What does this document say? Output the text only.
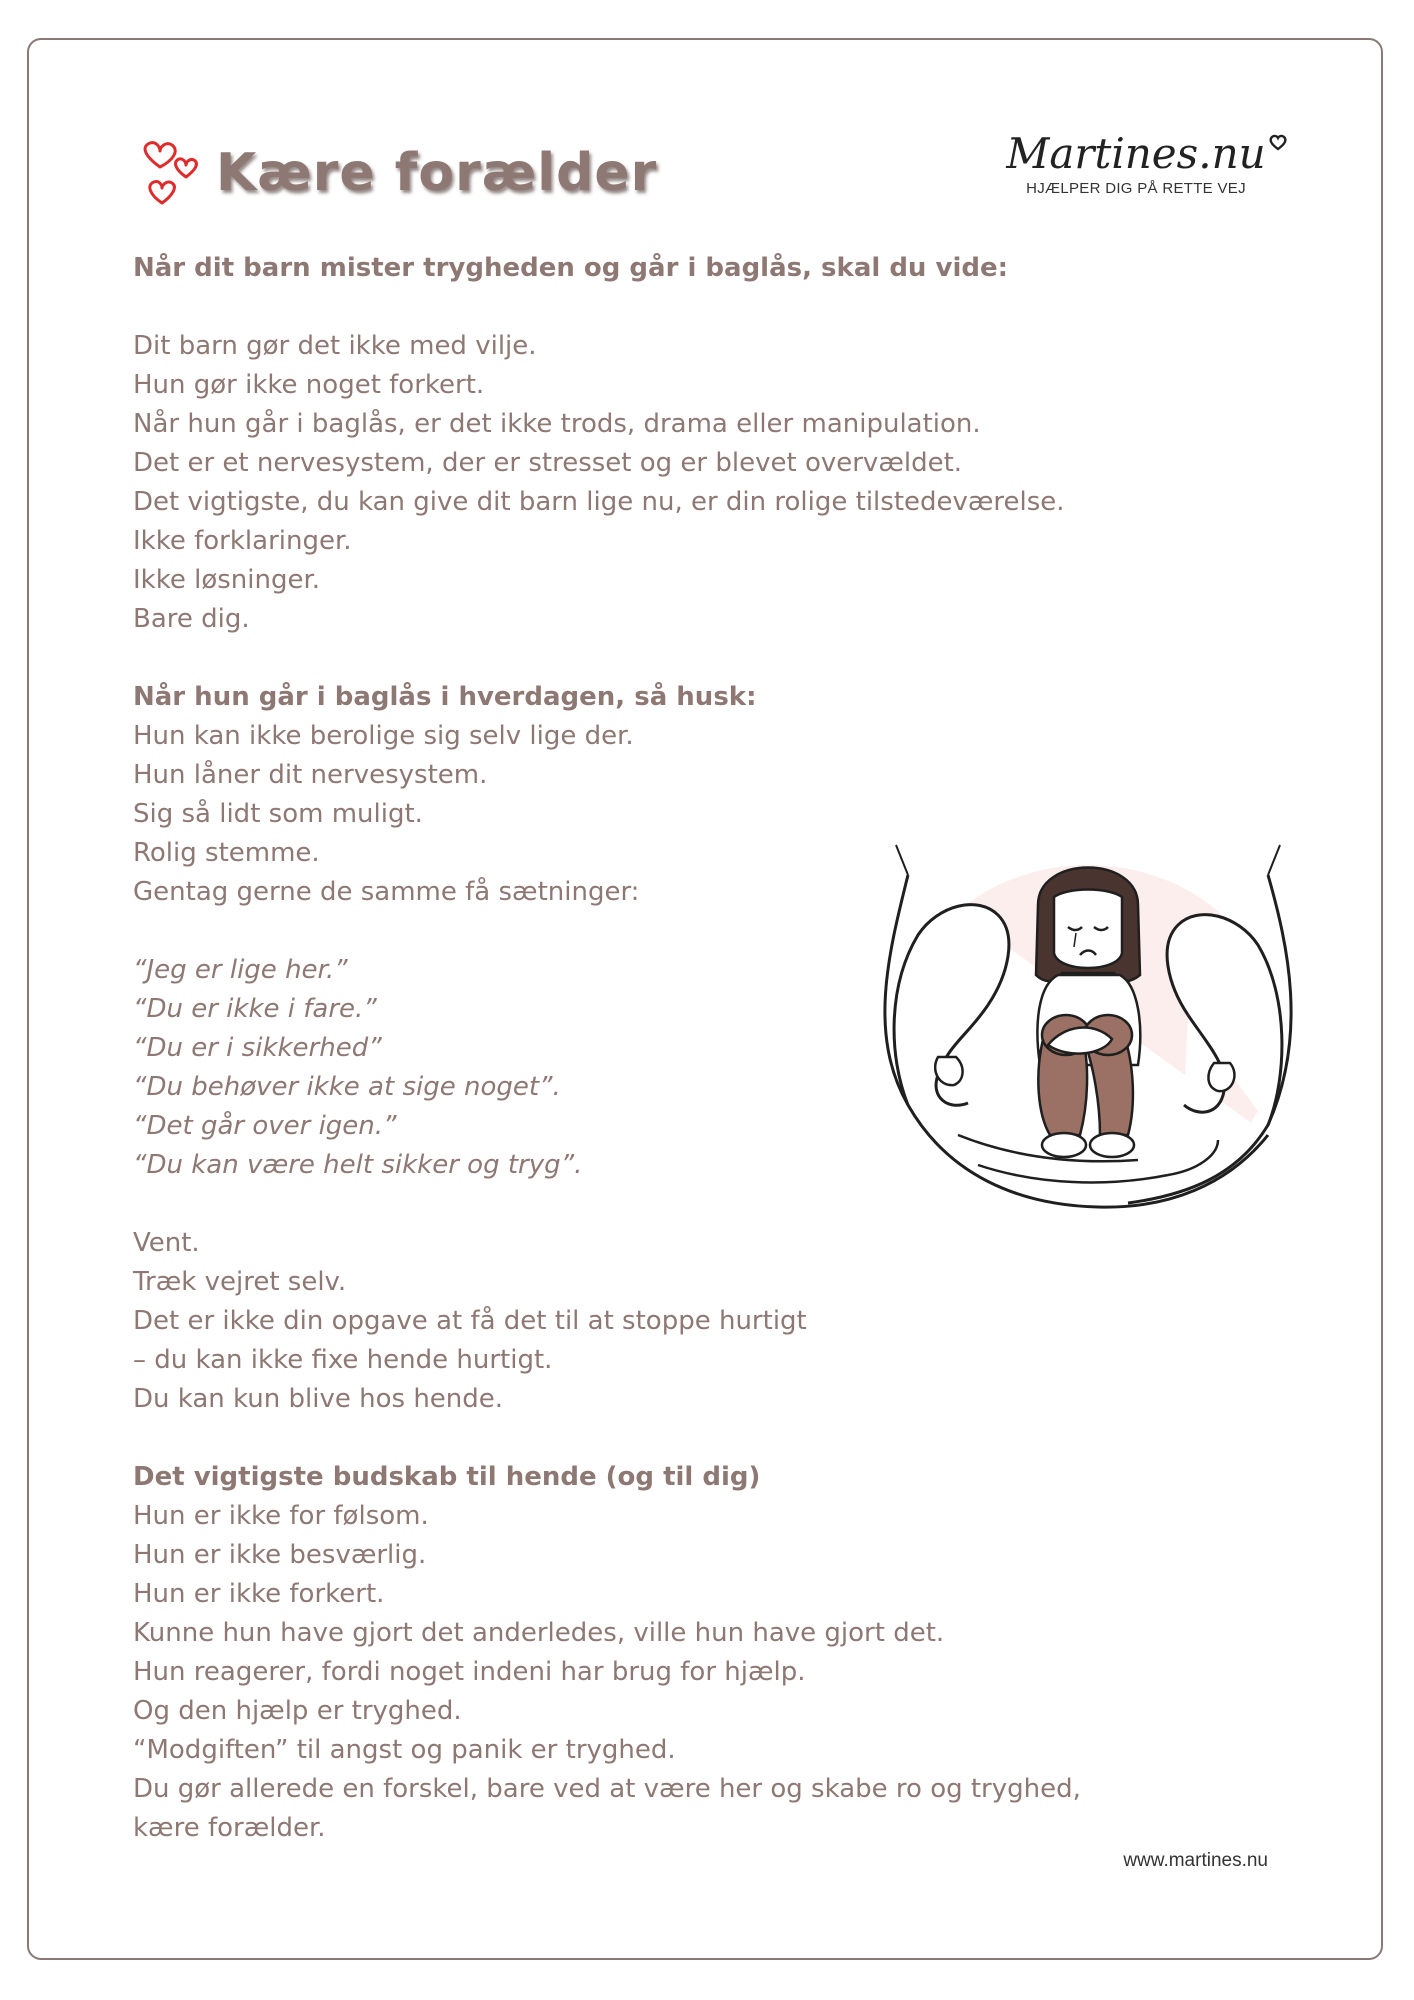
Kære forælder	Martines.nu
HJÆLPER DIG PÅ RETTE VEJ
Når dit barn mister trygheden og går i baglås, skal du vide:
Dit barn gør det ikke med vilje.
Hun gør ikke noget forkert.
Når hun går i baglås, er det ikke trods, drama eller manipulation.
Det er et nervesystem, der er stresset og er blevet overvældet.
Det vigtigste, du kan give dit barn lige nu, er din rolige tilstedeværelse.
Ikke forklaringer.
Ikke løsninger.
Bare dig.
Når hun går i baglås i hverdagen, så husk:
Hun kan ikke berolige sig selv lige der.
Hun låner dit nervesystem.
Sig så lidt som muligt.
Rolig stemme.
Gentag gerne de samme få sætninger:
“Jeg er lige her.”
“Du er ikke i fare.”
“Du er i sikkerhed”
“Du behøver ikke at sige noget”.
“Det går over igen.”
“Du kan være helt sikker og tryg”.
Vent.
Træk vejret selv.
Det er ikke din opgave at få det til at stoppe hurtigt
– du kan ikke fixe hende hurtigt.
Du kan kun blive hos hende.
Det vigtigste budskab til hende (og til dig)
Hun er ikke for følsom.
Hun er ikke besværlig.
Hun er ikke forkert.
Kunne hun have gjort det anderledes, ville hun have gjort det.
Hun reagerer, fordi noget indeni har brug for hjælp.
Og den hjælp er tryghed.
“Modgiften” til angst og panik er tryghed.
Du gør allerede en forskel, bare ved at være her og skabe ro og tryghed,
kære forælder.
www.martines.nu
